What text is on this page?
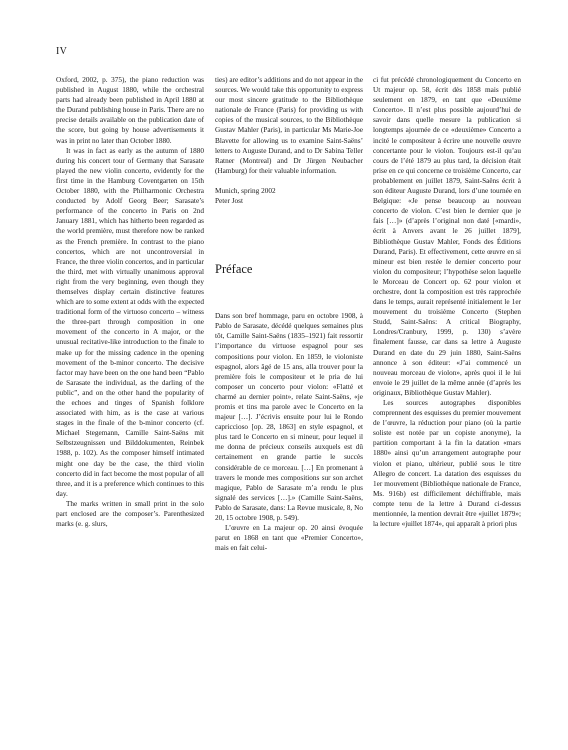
IV

Oxford, 2002, p. 375), the piano reduction was published in August 1880, while the orchestral parts had already been published in April 1880 at the Durand publishing house in Paris. There are no precise details available on the publication date of the score, but going by house advertisements it was in print no later than October 1880.

It was in fact as early as the autumn of 1880 during his concert tour of Germany that Sarasate played the new violin concerto, evidently for the first time in the Hamburg Coventgarten on 15th October 1880, with the Philharmonic Orchestra conducted by Adolf Georg Beer; Sarasate’s performance of the concerto in Paris on 2nd January 1881, which has hitherto been regarded as the world première, must therefore now be ranked as the French première. In contrast to the piano concertos, which are not uncontroversial in France, the three violin concertos, and in particular the third, met with virtually unanimous approval right from the very beginning, even though they themselves display certain distinctive features which are to some extent at odds with the expected traditional form of the virtuoso concerto – witness the three-part through composition in one movement of the concerto in A major, or the unusual recitative-like introduction to the finale to make up for the missing cadence in the opening movement of the b-minor concerto. The decisive factor may have been on the one hand been “Pablo de Sarasate the individual, as the darling of the public”, and on the other hand the popularity of the echoes and tinges of Spanish folklore associated with him, as is the case at various stages in the finale of the b-minor concerto (cf. Michael Stegemann, Camille Saint-Saëns mit Selbstzeugnissen und Bilddokumenten, Reinbek 1988, p. 102). As the composer himself intimated might one day be the case, the third violin concerto did in fact become the most popular of all three, and it is a preference which continues to this day.

The marks written in small print in the solo part enclosed are the composer’s. Parenthesized marks (e. g. slurs,

ties) are editor’s additions and do not appear in the sources. We would take this opportunity to express our most sincere gratitude to the Bibliothèque nationale de France (Paris) for providing us with copies of the musical sources, to the Bibliothèque Gustav Mahler (Paris), in particular Ms Marie-Joe Blavette for allowing us to examine Saint-Saëns’ letters to Auguste Durand, and to Dr Sabina Teller Ratner (Montreal) and Dr Jürgen Neubacher (Hamburg) for their valuable information.

Munich, spring 2002
Peter Jost
Préface

Dans son bref hommage, paru en octobre 1908, à Pablo de Sarasate, décédé quelques semaines plus tôt, Camille Saint-Saëns (1835–1921) fait ressortir l’importance du virtuose espagnol pour ses compositions pour violon. En 1859, le violoniste espagnol, alors âgé de 15 ans, alla trouver pour la première fois le compositeur et le pria de lui composer un concerto pour violon: «Flatté et charmé au dernier point», relate Saint-Saëns, «je promis et tins ma parole avec le Concerto en la majeur […]. J’écrivis ensuite pour lui le Rondo capriccioso [op. 28, 1863] en style espagnol, et plus tard le Concerto en si mineur, pour lequel il me donna de précieux conseils auxquels est dû certainement en grande partie le succès considérable de ce morceau. […] En promenant à travers le monde mes compositions sur son archet magique, Pablo de Sarasate m’a rendu le plus signalé des services […].» (Camille Saint-Saëns, Pablo de Sarasate, dans: La Revue musicale, 8, No 20, 15 octobre 1908, p. 549).

L’œuvre en La majeur op. 20 ainsi évoquée parut en 1868 en tant que «Premier Concerto», mais en fait celui-

ci fut précédé chronologiquement du Concerto en Ut majeur op. 58, écrit dès 1858 mais publié seulement en 1879, en tant que «Deuxième Concerto». Il n’est plus possible aujourd’hui de savoir dans quelle mesure la publication si longtemps ajournée de ce «deuxième» Concerto a incité le compositeur à écrire une nouvelle œuvre concertante pour le violon. Toujours est-il qu’au cours de l’été 1879 au plus tard, la décision était prise en ce qui concerne ce troisième Concerto, car probablement en juillet 1879, Saint-Saëns écrit à son éditeur Auguste Durand, lors d’une tournée en Belgique: «Je pense beaucoup au nouveau concerto de violon. C’est bien le dernier que je fais […]» (d’après l’original non daté [«mardi», écrit à Anvers avant le 26 juillet 1879], Bibliothèque Gustav Mahler, Fonds des Éditions Durand, Paris). Et effectivement, cette œuvre en si mineur est bien restée le dernier concerto pour violon du compositeur; l’hypothèse selon laquelle le Morceau de Concert op. 62 pour violon et orchestre, dont la composition est très rapprochée dans le temps, aurait représenté initialement le 1er mouvement du troisième Concerto (Stephen Studd, Saint-Saëns: A critical Biography, Londres/Cranbury, 1999, p. 130) s’avère finalement fausse, car dans sa lettre à Auguste Durand en date du 29 juin 1880, Saint-Saëns annonce à son éditeur: «J’ai commencé un nouveau morceau de violon», après quoi il le lui envoie le 29 juillet de la même année (d’après les originaux, Bibliothèque Gustav Mahler).

Les sources autographes disponibles comprennent des esquisses du premier mouvement de l’œuvre, la réduction pour piano (où la partie soliste est notée par un copiste anonyme), la partition comportant à la fin la datation «mars 1880» ainsi qu’un arrangement autographe pour violon et piano, ultérieur, publié sous le titre Allegro de concert. La datation des esquisses du 1er mouvement (Bibliothèque nationale de France, Ms. 916b) est difficilement déchiffrable, mais compte tenu de la lettre à Durand ci-dessus mentionnée, la mention devrait être «juillet 1879»; la lecture «juillet 1874», qui apparaît à priori plus
